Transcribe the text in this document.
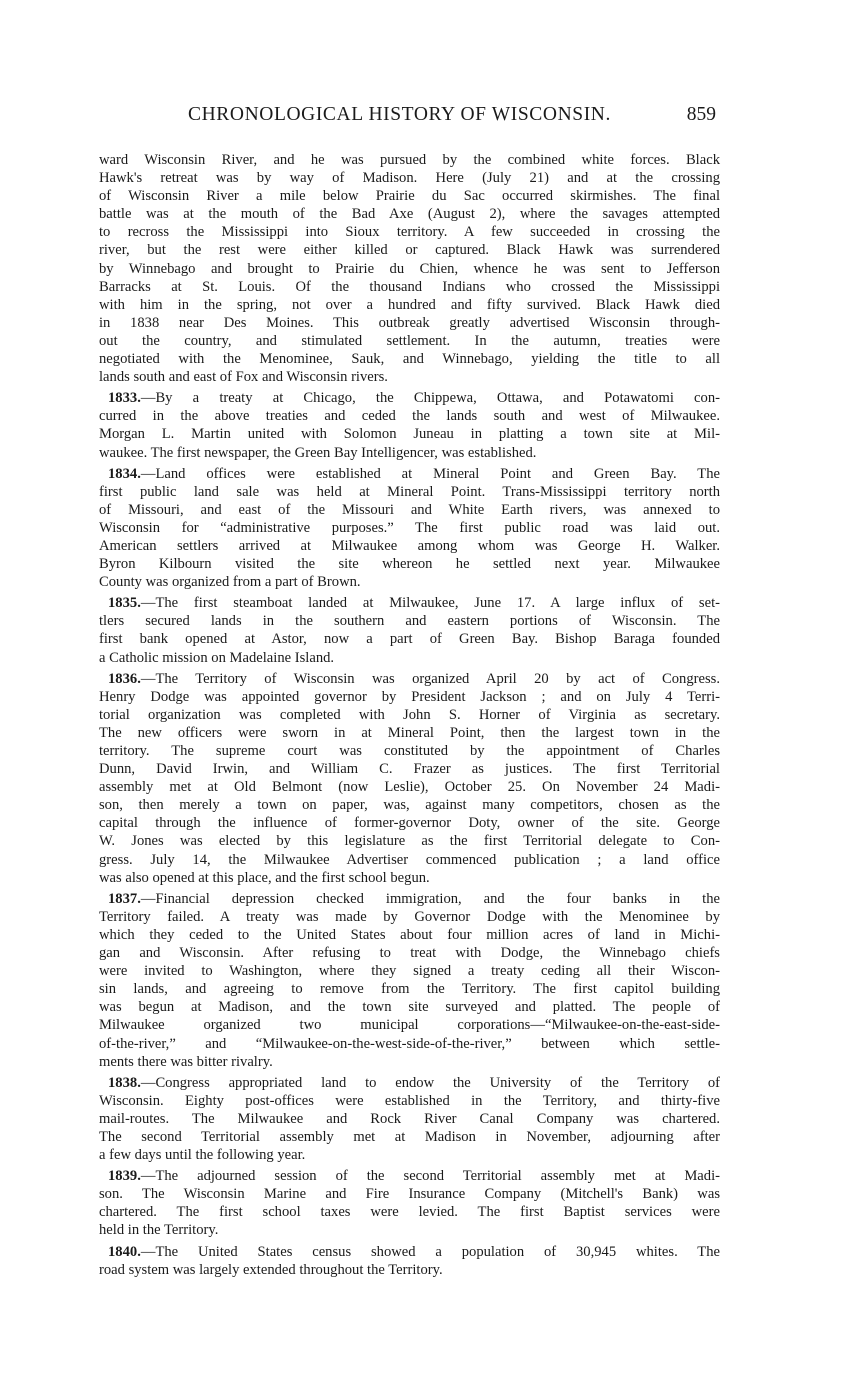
CHRONOLOGICAL HISTORY OF WISCONSIN.	859
ward Wisconsin River, and he was pursued by the combined white forces. Black
Hawk's retreat was by way of Madison. Here (July 21) and at the crossing
of Wisconsin River a mile below Prairie du Sac occurred skirmishes. The final
battle was at the mouth of the Bad Axe (August 2), where the savages attempted
to recross the Mississippi into Sioux territory. A few succeeded in crossing the
river, but the rest were either killed or captured. Black Hawk was surrendered
by Winnebago and brought to Prairie du Chien, whence he was sent to Jefferson
Barracks at St. Louis. Of the thousand Indians who crossed the Mississippi
with him in the spring, not over a hundred and fifty survived. Black Hawk died
in 1838 near Des Moines. This outbreak greatly advertised Wisconsin through-
out the country, and stimulated settlement. In the autumn, treaties were
negotiated with the Menominee, Sauk, and Winnebago, yielding the title to all
lands south and east of Fox and Wisconsin rivers.
1833.—By a treaty at Chicago, the Chippewa, Ottawa, and Potawatomi con-
curred in the above treaties and ceded the lands south and west of Milwaukee.
Morgan L. Martin united with Solomon Juneau in platting a town site at Mil-
waukee. The first newspaper, the Green Bay Intelligencer, was established.
1834.—Land offices were established at Mineral Point and Green Bay. The
first public land sale was held at Mineral Point. Trans-Mississippi territory north
of Missouri, and east of the Missouri and White Earth rivers, was annexed to
Wisconsin for “administrative purposes.” The first public road was laid out.
American settlers arrived at Milwaukee among whom was George H. Walker.
Byron Kilbourn visited the site whereon he settled next year. Milwaukee
County was organized from a part of Brown.
1835.—The first steamboat landed at Milwaukee, June 17. A large influx of set-
tlers secured lands in the southern and eastern portions of Wisconsin. The
first bank opened at Astor, now a part of Green Bay. Bishop Baraga founded
a Catholic mission on Madelaine Island.
1836.—The Territory of Wisconsin was organized April 20 by act of Congress.
Henry Dodge was appointed governor by President Jackson ; and on July 4 Terri-
torial organization was completed with John S. Horner of Virginia as secretary.
The new officers were sworn in at Mineral Point, then the largest town in the
territory. The supreme court was constituted by the appointment of Charles
Dunn, David Irwin, and William C. Frazer as justices. The first Territorial
assembly met at Old Belmont (now Leslie), October 25. On November 24 Madi-
son, then merely a town on paper, was, against many competitors, chosen as the
capital through the influence of former-governor Doty, owner of the site. George
W. Jones was elected by this legislature as the first Territorial delegate to Con-
gress. July 14, the Milwaukee Advertiser commenced publication ; a land office
was also opened at this place, and the first school begun.
1837.—Financial depression checked immigration, and the four banks in the
Territory failed. A treaty was made by Governor Dodge with the Menominee by
which they ceded to the United States about four million acres of land in Michi-
gan and Wisconsin. After refusing to treat with Dodge, the Winnebago chiefs
were invited to Washington, where they signed a treaty ceding all their Wiscon-
sin lands, and agreeing to remove from the Territory. The first capitol building
was begun at Madison, and the town site surveyed and platted. The people of
Milwaukee organized two municipal corporations—“Milwaukee-on-the-east-side-
of-the-river,” and “Milwaukee-on-the-west-side-of-the-river,” between which settle-
ments there was bitter rivalry.
1838.—Congress appropriated land to endow the University of the Territory of
Wisconsin. Eighty post-offices were established in the Territory, and thirty-five
mail-routes. The Milwaukee and Rock River Canal Company was chartered.
The second Territorial assembly met at Madison in November, adjourning after
a few days until the following year.
1839.—The adjourned session of the second Territorial assembly met at Madi-
son. The Wisconsin Marine and Fire Insurance Company (Mitchell's Bank) was
chartered. The first school taxes were levied. The first Baptist services were
held in the Territory.
1840.—The United States census showed a population of 30,945 whites. The
road system was largely extended throughout the Territory.
